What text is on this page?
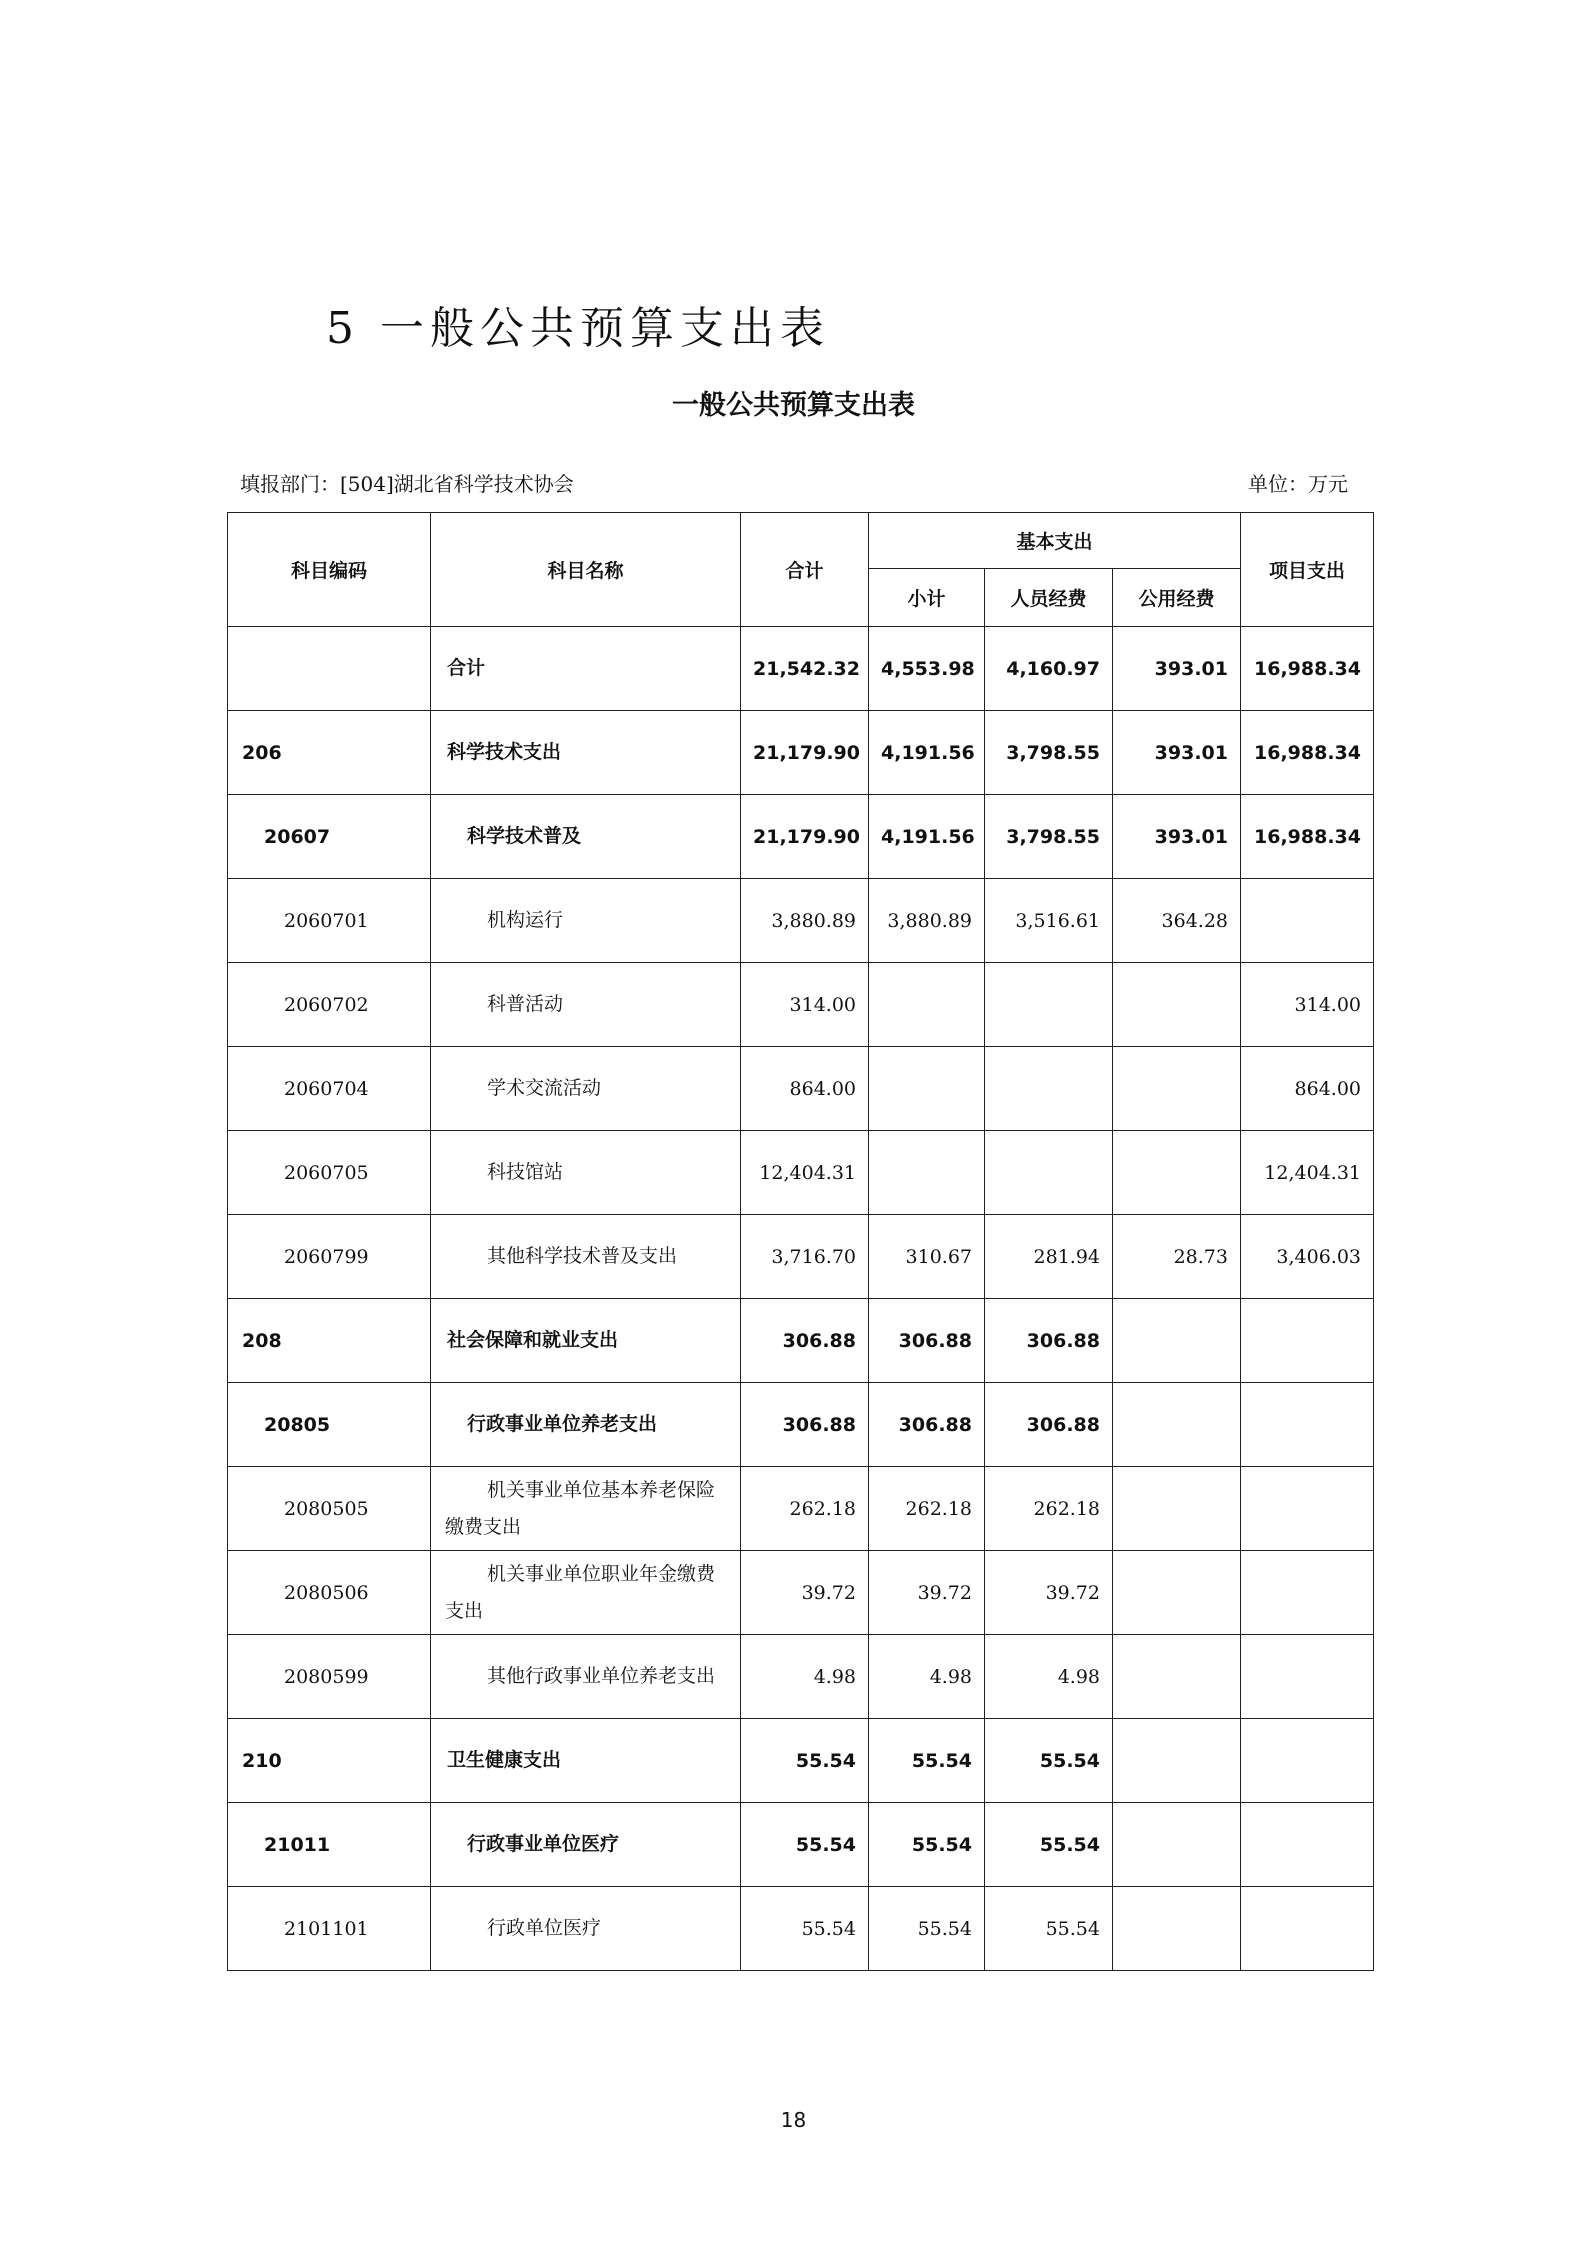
5 一般公共预算支出表
一般公共预算支出表
填报部门：[504]湖北省科学技术协会	单位：万元
科目编码	科目名称	合计	基本支出			项目支出
			小计	人员经费	公用经费	
	合计	21,542.32	4,553.98	4,160.97	393.01	16,988.34
206	科学技术支出	21,179.90	4,191.56	3,798.55	393.01	16,988.34
20607	科学技术普及	21,179.90	4,191.56	3,798.55	393.01	16,988.34
2060701	机构运行	3,880.89	3,880.89	3,516.61	364.28	
2060702	科普活动	314.00				314.00
2060704	学术交流活动	864.00				864.00
2060705	科技馆站	12,404.31				12,404.31
2060799	其他科学技术普及支出	3,716.70	310.67	281.94	28.73	3,406.03
208	社会保障和就业支出	306.88	306.88	306.88		
20805	行政事业单位养老支出	306.88	306.88	306.88		
2080505	机关事业单位基本养老保险缴费支出	262.18	262.18	262.18		
2080506	机关事业单位职业年金缴费支出	39.72	39.72	39.72		
2080599	其他行政事业单位养老支出	4.98	4.98	4.98		
210	卫生健康支出	55.54	55.54	55.54		
21011	行政事业单位医疗	55.54	55.54	55.54		
2101101	行政单位医疗	55.54	55.54	55.54		
18
